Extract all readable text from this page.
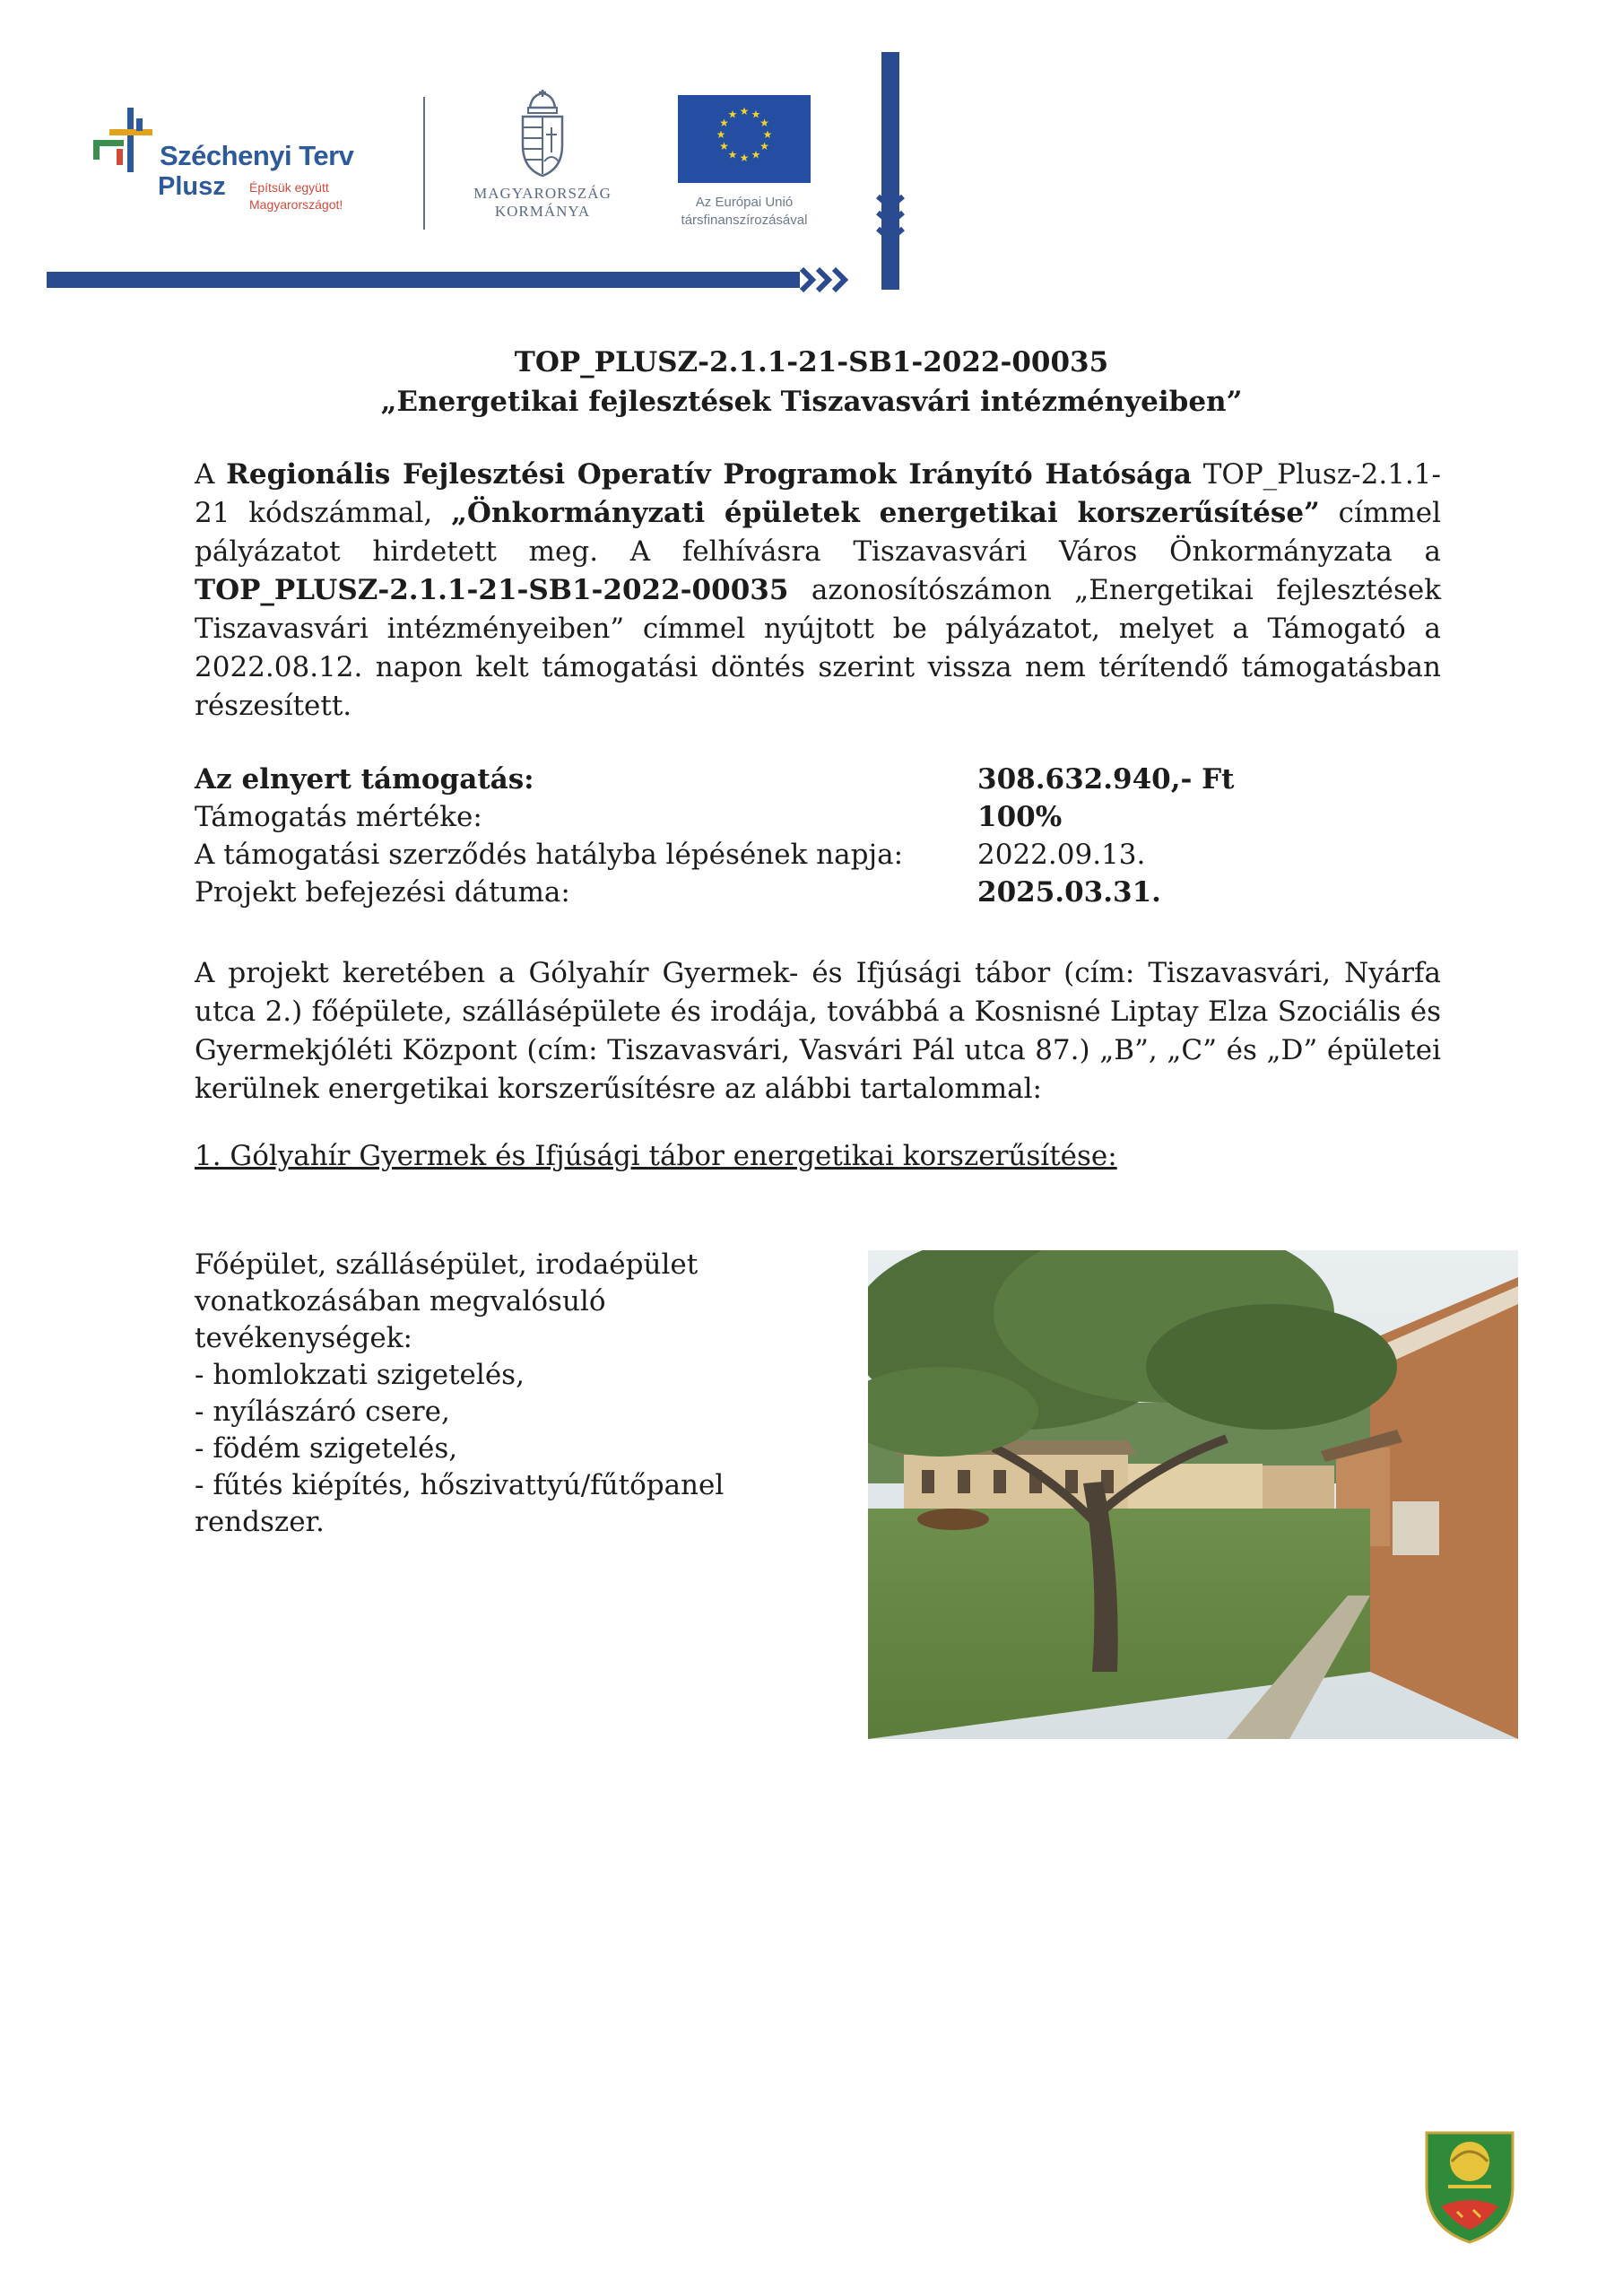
Széchenyi Terv
Plusz Építsük együtt
Magyarországot!
MAGYARORSZÁG
KORMÁNYA
★ ★
★
★
★
★
★
★
★
★
★
★
Az Európai Unió
társfinanszírozásával
TOP_PLUSZ-2.1.1-21-SB1-2022-00035
„Energetikai fejlesztések Tiszavasvári intézményeiben”
A Regionális Fejlesztési Operatív Programok Irányító Hatósága TOP_Plusz-2.1.1-21 kódszámmal, „Önkormányzati épületek energetikai korszerűsítése” címmel pályázatot hirdetett meg. A felhívásra Tiszavasvári Város Önkormányzata a TOP_PLUSZ-2.1.1-21-SB1-2022-00035 azonosítószámon „Energetikai fejlesztések Tiszavasvári intézményeiben” címmel nyújtott be pályázatot, melyet a Támogató a 2022.08.12. napon kelt támogatási döntés szerint vissza nem térítendő támogatásban részesített.
Az elnyert támogatás:	308.632.940,- Ft
Támogatás mértéke:	100%
A támogatási szerződés hatályba lépésének napja:	2022.09.13.
Projekt befejezési dátuma:	2025.03.31.
A projekt keretében a Gólyahír Gyermek- és Ifjúsági tábor (cím: Tiszavasvári, Nyárfa utca 2.) főépülete, szállásépülete és irodája, továbbá a Kosnisné Liptay Elza Szociális és Gyermekjóléti Központ (cím: Tiszavasvári, Vasvári Pál utca 87.) „B”, „C” és „D” épületei kerülnek energetikai korszerűsítésre az alábbi tartalommal:
1. Gólyahír Gyermek és Ifjúsági tábor energetikai korszerűsítése:
Főépület, szállásépület, irodaépület
vonatkozásában megvalósuló
tevékenységek:
- homlokzati szigetelés,
- nyílászáró csere,
- födém szigetelés,
- fűtés kiépítés, hőszivattyú/fűtőpanel
rendszer.
